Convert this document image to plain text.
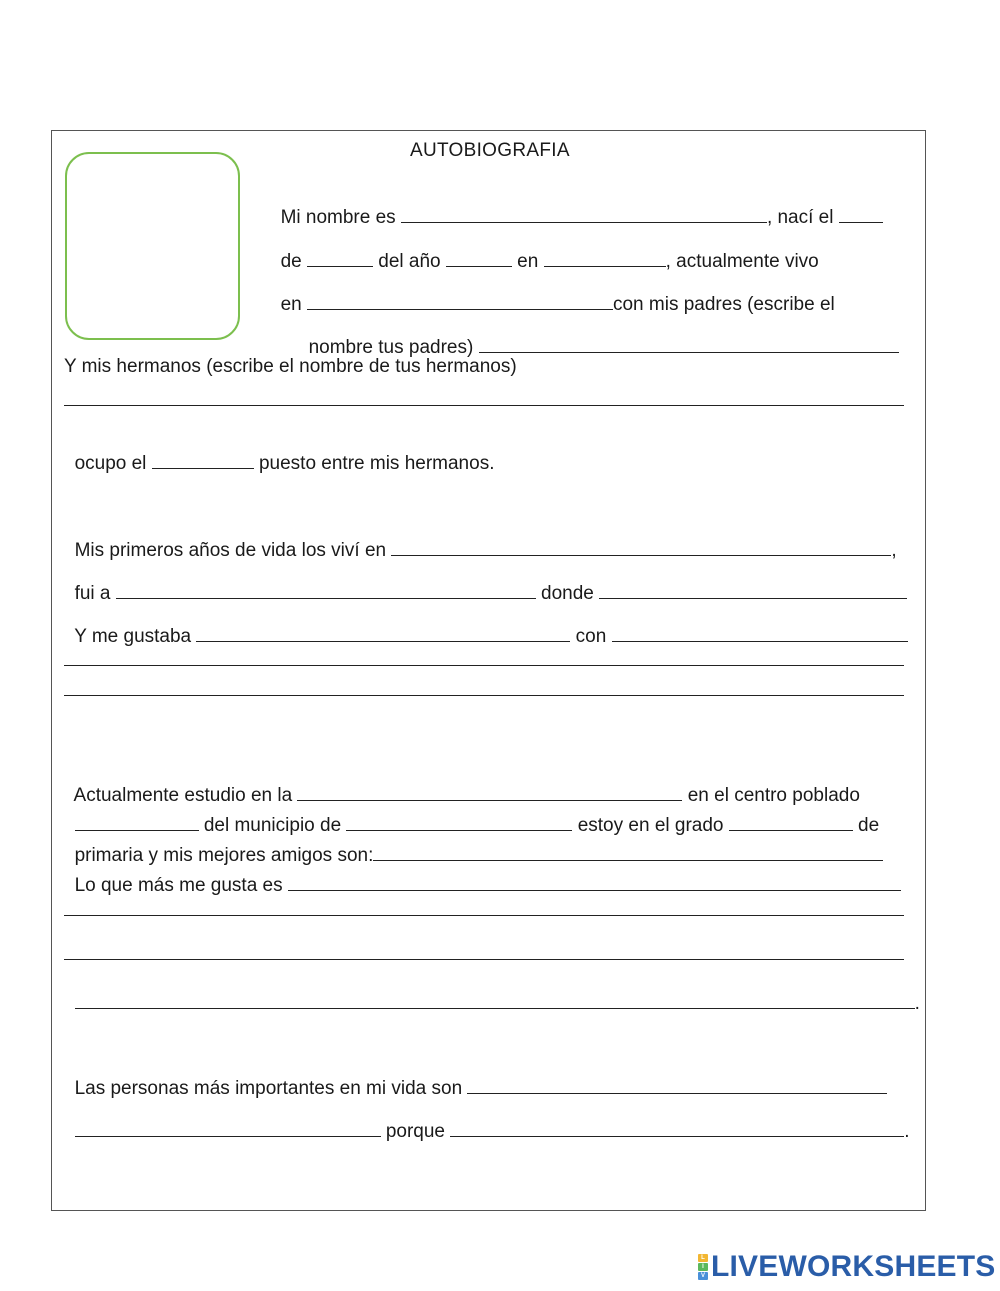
AUTOBIOGRAFIA

Mi nombre es	, nací el

de	del año	en	, actualmente vivo

en	con mis padres (escribe el

nombre tus padres)

Y mis hermanos (escribe el nombre de tus hermanos)

ocupo el	puesto entre mis hermanos.

Mis primeros años de vida los viví en	,

fui a	donde

Y me gustaba	con

Actualmente estudio en la	en el centro poblado

del municipio de	estoy en el grado	de

primaria y mis mejores amigos son:

Lo que más me gusta es

.

Las personas más importantes en mi vida son

porque	.

L
I
V LIVEWORKSHEETS
